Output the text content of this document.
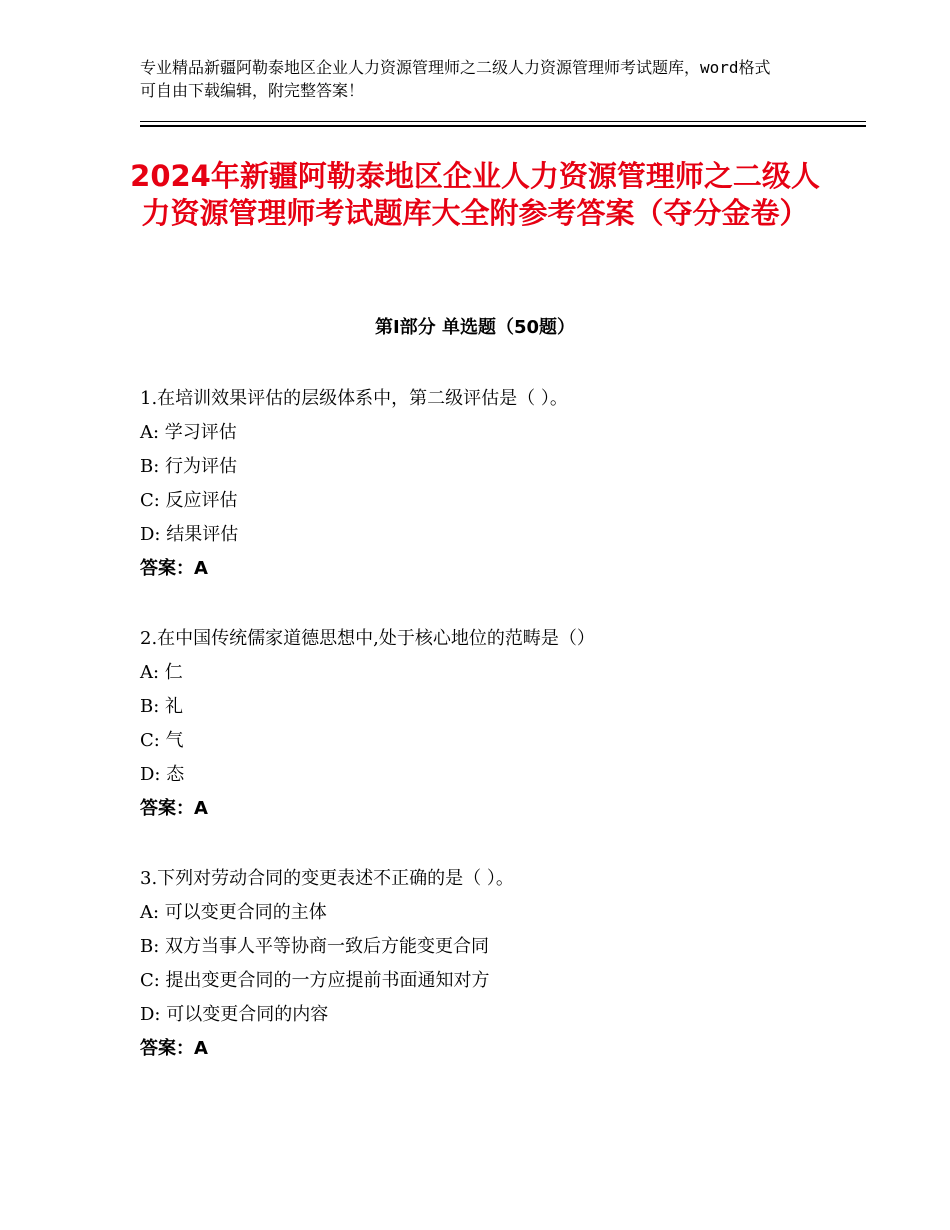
专业精品新疆阿勒泰地区企业人力资源管理师之二级人力资源管理师考试题库，word格式可自由下载编辑，附完整答案！
2024年新疆阿勒泰地区企业人力资源管理师之二级人力资源管理师考试题库大全附参考答案（夺分金卷）
第Ⅰ部分 单选题（50题）
1.在培训效果评估的层级体系中，第二级评估是（ ）。
A: 学习评估
B: 行为评估
C: 反应评估
D: 结果评估
答案：A
2.在中国传统儒家道德思想中,处于核心地位的范畴是（）
A: 仁
B: 礼
C: 气
D: 态
答案：A
3.下列对劳动合同的变更表述不正确的是（ ）。
A: 可以变更合同的主体
B: 双方当事人平等协商一致后方能变更合同
C: 提出变更合同的一方应提前书面通知对方
D: 可以变更合同的内容
答案：A
